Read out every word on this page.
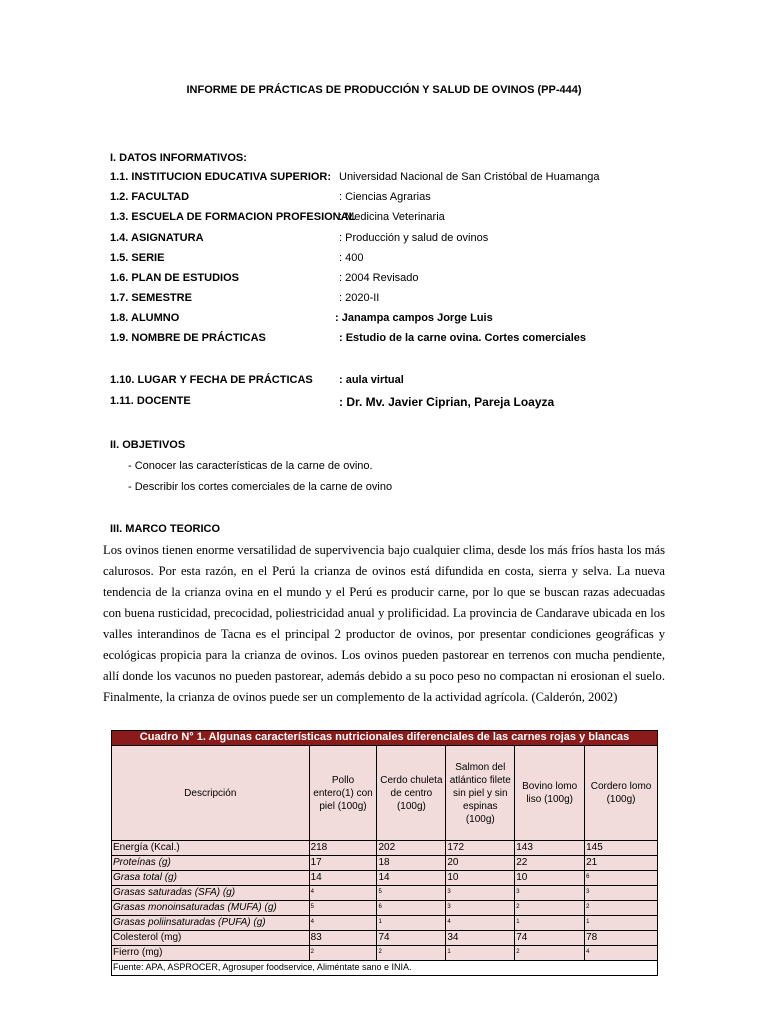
INFORME DE PRÁCTICAS DE PRODUCCIÓN Y SALUD DE OVINOS (PP-444)
I. DATOS INFORMATIVOS:
1.1. INSTITUCION EDUCATIVA SUPERIOR: Universidad Nacional de San Cristóbal de Huamanga
1.2. FACULTAD	: Ciencias Agrarias
1.3. ESCUELA DE FORMACION PROFESIONAL
: Medicina Veterinaria
1.4. ASIGNATURA	: Producción y salud de ovinos
1.5. SERIE	: 400
1.6. PLAN DE ESTUDIOS	: 2004 Revisado
1.7. SEMESTRE	: 2020-II
1.8. ALUMNO	: Janampa campos Jorge Luis
1.9. NOMBRE DE PRÁCTICAS	: Estudio de la carne ovina. Cortes comerciales
1.10. LUGAR Y FECHA DE PRÁCTICAS : aula virtual
1.11. DOCENTE	: Dr. Mv. Javier Ciprian, Pareja Loayza
II. OBJETIVOS
- Conocer las características de la carne de ovino.
- Describir los cortes comerciales de la carne de ovino
III. MARCO TEORICO
Los ovinos tienen enorme versatilidad de supervivencia bajo cualquier clima, desde los más fríos hasta los más calurosos. Por esta razón, en el Perú la crianza de ovinos está difundida en costa, sierra y selva. La nueva tendencia de la crianza ovina en el mundo y el Perú es producir carne, por lo que se buscan razas adecuadas con buena rusticidad, precocidad, poliestricidad anual y prolificidad. La provincia de Candarave ubicada en los valles interandinos de Tacna es el principal 2 productor de ovinos, por presentar condiciones geográficas y ecológicas propicia para la crianza de ovinos. Los ovinos pueden pastorear en terrenos con mucha pendiente, allí donde los vacunos no pueden pastorear, además debido a su poco peso no compactan ni erosionan el suelo. Finalmente, la crianza de ovinos puede ser un complemento de la actividad agrícola. (Calderón, 2002)
Cuadro N° 1. Algunas características nutricionales diferenciales de las carnes rojas y blancas					
Descripción	Pollo entero(1) con piel (100g)	Cerdo chuleta de centro (100g)	Salmon del atlántico filete sin piel y sin espinas (100g)	Bovino lomo liso (100g)	Cordero lomo (100g)
Energía (Kcal.)	218	202	172	143	145
Proteínas (g)	17	18	20	22	21
Grasa total (g)	14	14	10	10	6
Grasas saturadas (SFA) (g)	4	5	3	3	3
Grasas monoinsaturadas (MUFA) (g)	5	6	3	2	2
Grasas poliinsaturadas (PUFA) (g)	4	1	4	1	1
Colesterol (mg)	83	74	34	74	78
Fierro (mg)	2	2	1	2	4
Fuente: APA, ASPROCER, Agrosuper foodservice, Aliméntate sano e INIA.					
